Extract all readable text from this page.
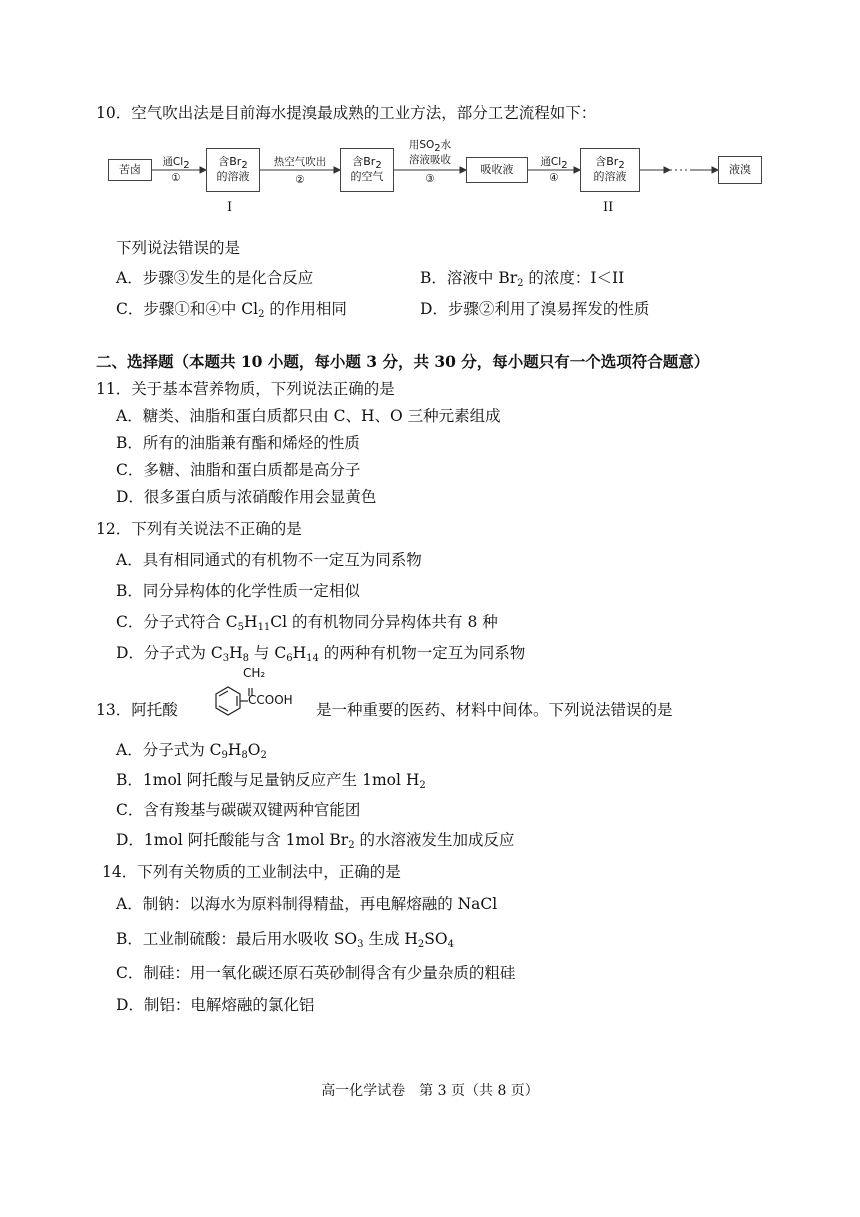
10．空气吹出法是目前海水提溴最成熟的工业方法，部分工艺流程如下：
苦卤
通$Cl_2$
①
含$Br_2$
的溶液
I
热空气吹出
②
含$Br_2$
的空气
用$SO_2$水
溶液吸收
③
吸收液
通$Cl_2$
④
含$Br_2$
的溶液
II
液溴
下列说法错误的是
A．步骤③发生的是化合反应	B．溶液中 $Br_2$ 的浓度：I＜II
C．步骤①和④中 $Cl_2$ 的作用相同	D．步骤②利用了溴易挥发的性质
二、选择题（本题共 10 小题，每小题 3 分，共 30 分，每小题只有一个选项符合题意）
11．关于基本营养物质，下列说法正确的是
A．糖类、油脂和蛋白质都只由 C、H、O 三种元素组成
B．所有的油脂兼有酯和烯烃的性质
C．多糖、油脂和蛋白质都是高分子
D．很多蛋白质与浓硝酸作用会显黄色
12．下列有关说法不正确的是
A．具有相同通式的有机物不一定互为同系物
B．同分异构体的化学性质一定相似
C．分子式符合 $C_5H_{11}Cl$ 的有机物同分异构体共有 8 种
D．分子式为 $C_3H_8$ 与 $C_6H_{14}$ 的两种有机物一定互为同系物
13．阿托酸
CH₂
CCOOH
是一种重要的医药、材料中间体。下列说法错误的是
A．分子式为 $C_9H_8O_2$
B．1mol 阿托酸与足量钠反应产生 1mol $H_2$
C．含有羧基与碳碳双键两种官能团
D．1mol 阿托酸能与含 1mol $Br_2$ 的水溶液发生加成反应
14．下列有关物质的工业制法中，正确的是
A．制钠：以海水为原料制得精盐，再电解熔融的 NaCl
B．工业制硫酸：最后用水吸收 $SO_3$ 生成 $H_2SO_4$
C．制硅：用一氧化碳还原石英砂制得含有少量杂质的粗硅
D．制铝：电解熔融的氯化铝
高一化学试卷　第 3 页（共 8 页）
